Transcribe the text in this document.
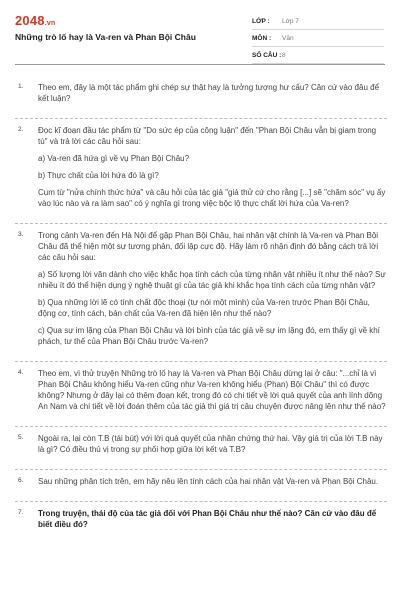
2048.vn
Những trò lố hay là Va-ren và Phan Bội Châu
LỚP :	Lớp 7
MÔN :	Văn
SỐ CÂU : 8
1.	Theo em, đây là một tác phẩm ghi chép sự thật hay là tưởng tượng hư cấu? Căn cứ vào đâu để kết luận?

2.	Đọc kĩ đoạn đầu tác phẩm từ "Do sức ép của công luận" đến "Phan Bội Châu vẫn bị giam trong tù" và trả lời các câu hỏi sau:

a) Va-ren đã hứa gì về vụ Phan Bội Châu?

b) Thực chất của lời hứa đó là gì?

Cụm từ "nửa chính thức hứa" và câu hỏi của tác giả "giả thử cứ cho rằng [...] sẽ "chăm sóc" vụ ấy vào lúc nào và ra làm sao" có ý nghĩa gì trong việc bộc lộ thực chất lời hứa của Va-ren?

3.	Trong cảnh Va-ren đến Hà Nội để gặp Phan Bội Châu, hai nhân vật chính là Va-ren và Phan Bội Châu đã thể hiện một sự tương phản, đối lập cực độ. Hãy làm rõ nhận định đó bằng cách trả lời các câu hỏi sau:

a) Số lượng lời văn dành cho việc khắc họa tính cách của từng nhân vật nhiều ít như thế nào? Sự nhiều ít đó thể hiện dụng ý nghệ thuật gì của tác giả khi khắc họa tính cách của từng nhân vật?

b) Qua những lời lẽ có tính chất độc thoại (tự nói một mình) của Va-ren trước Phan Bội Châu, động cơ, tính cách, bản chất của Va-ren đã hiện lên như thế nào?

c) Qua sự im lặng của Phan Bội Châu và lời bình của tác giả về sự im lặng đó, em thấy gì về khí phách, tư thế của Phan Bội Châu trước Va-ren?

4.	Theo em, vì thử truyện Những trò lố hay là Va-ren và Phan Bội Châu dừng lại ở câu: "...chỉ là vì Phan Bội Châu không hiểu Va-ren cũng như Va-ren không hiểu (Phan) Bội Châu" thì có được không? Nhưng ở đây lại có thêm đoạn kết, trong đó có chi tiết về lời quả quyết của anh lính dõng An Nam và chi tiết về lời đoán thêm của tác giả thì giá trị câu chuyện được nâng lên như thế nào?

5.	Ngoài ra, lại còn T.B (tái bút) với lời quả quyết của nhân chứng thứ hai. Vậy giá trị của lời T.B này là gì? Có điều thú vị trong sự phối hợp giữa lời kết và T.B?

6.	Sau những phân tích trên, em hãy nêu lên tính cách của hai nhân vật Va-ren và Phan Bội Châu.

7.	Trong truyện, thái độ của tác giả đối với Phan Bội Châu như thế nào? Căn cứ vào đâu để biết điều đó?
